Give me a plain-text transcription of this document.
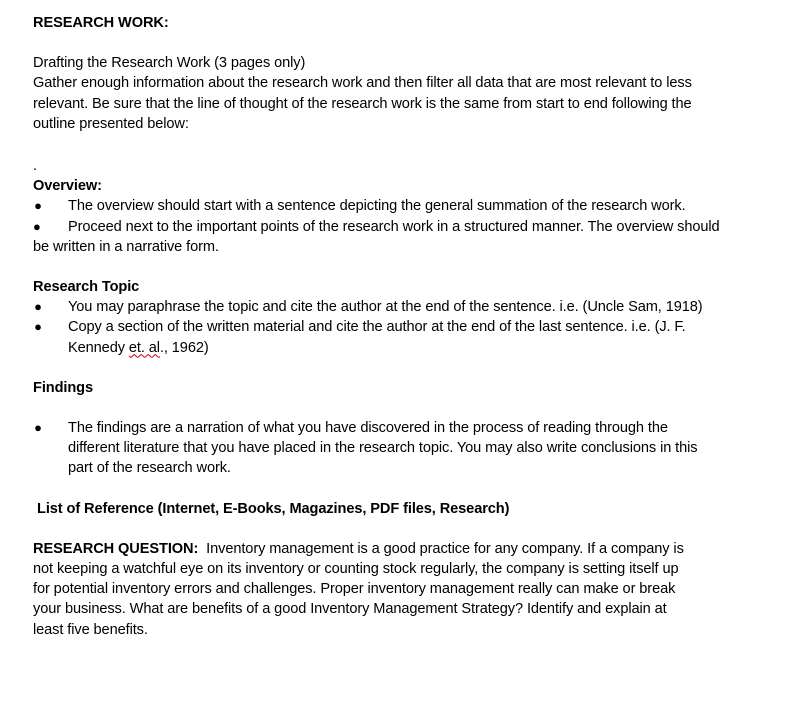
RESEARCH WORK:
Drafting the Research Work (3 pages only)
Gather enough information about the research work and then filter all data that are most relevant to less relevant. Be sure that the line of thought of the research work is the same from start to end following the outline presented below:
.
Overview:
● The overview should start with a sentence depicting the general summation of the research work.
● Proceed next to the important points of the research work in a structured manner. The overview should be written in a narrative form.
Research Topic
● You may paraphrase the topic and cite the author at the end of the sentence. i.e. (Uncle Sam, 1918)
● Copy a section of the written material and cite the author at the end of the last sentence. i.e. (J. F. Kennedy et. al., 1962)
Findings
● The findings are a narration of what you have discovered in the process of reading through the different literature that you have placed in the research topic. You may also write conclusions in this part of the research work.
List of Reference (Internet, E-Books, Magazines, PDF files, Research)
RESEARCH QUESTION: Inventory management is a good practice for any company. If a company is not keeping a watchful eye on its inventory or counting stock regularly, the company is setting itself up for potential inventory errors and challenges. Proper inventory management really can make or break your business. What are benefits of a good Inventory Management Strategy? Identify and explain at least five benefits.
